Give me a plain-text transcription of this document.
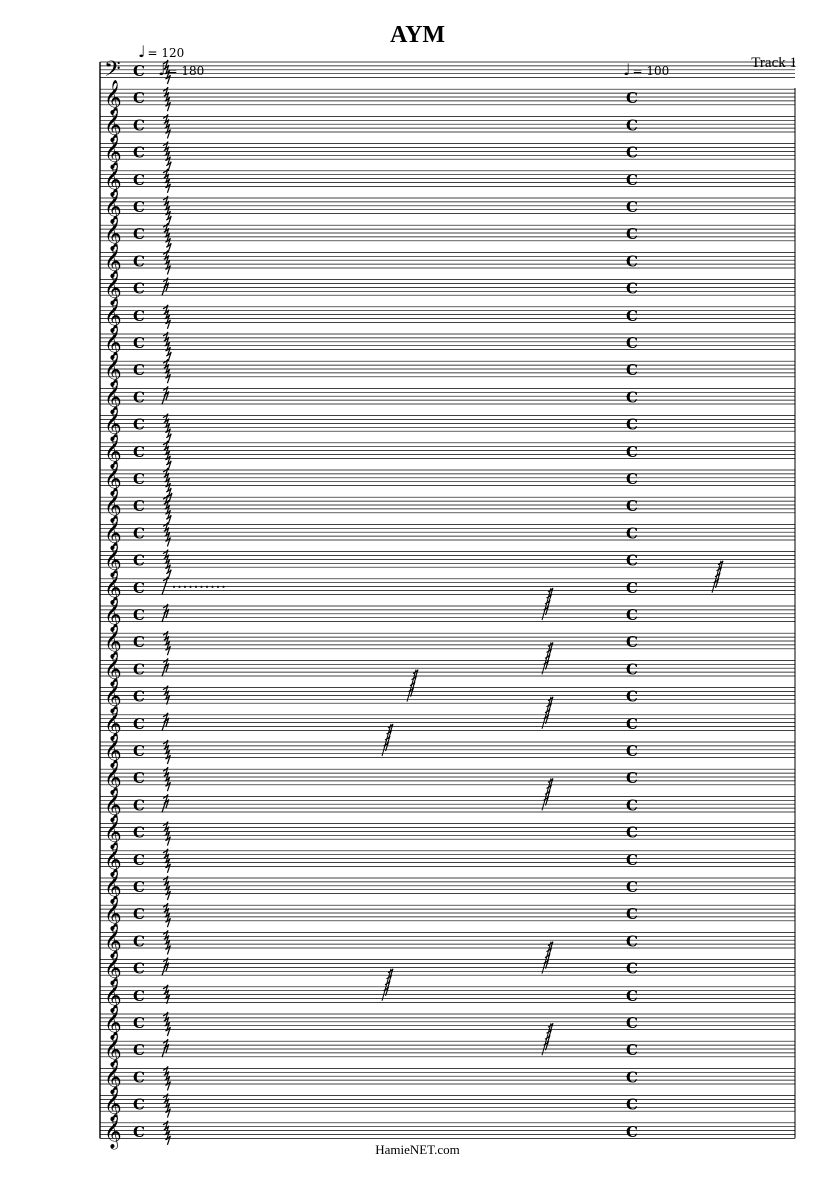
AYM
Track 1
♩ = 120
♩ = 180	♩ = 100
𝄢 C
𝄞 C	C
𝄞 C	C
𝄞 C	C
𝄞 C	C
𝄞 C	C
𝄞 C	C
𝄞 C	C
𝄞 C	C
𝄞 C	C
𝄞 C	C
𝄞 C	C
𝄞 C	C
𝄞 C	C
𝄞 C	C
𝄞 C	C
𝄞 C	C
𝄞 C	C
𝄞 C	C
𝄞 C	C
𝄞 C	C
𝄞 C	C
𝄞 C	C
𝄞 C	C
𝄞 C	C
𝄞 C	C
𝄞 C	C
𝄞 C	C
𝄞 C	C
𝄞 C	C
𝄞 C	C
𝄞 C	C
𝄞 C	C
𝄞 C	C
𝄞 C	C
𝄞 C	C
𝄞 C	C
𝄞 C	C
𝄞 C	C
𝄞 C	C
HamieNET.com
